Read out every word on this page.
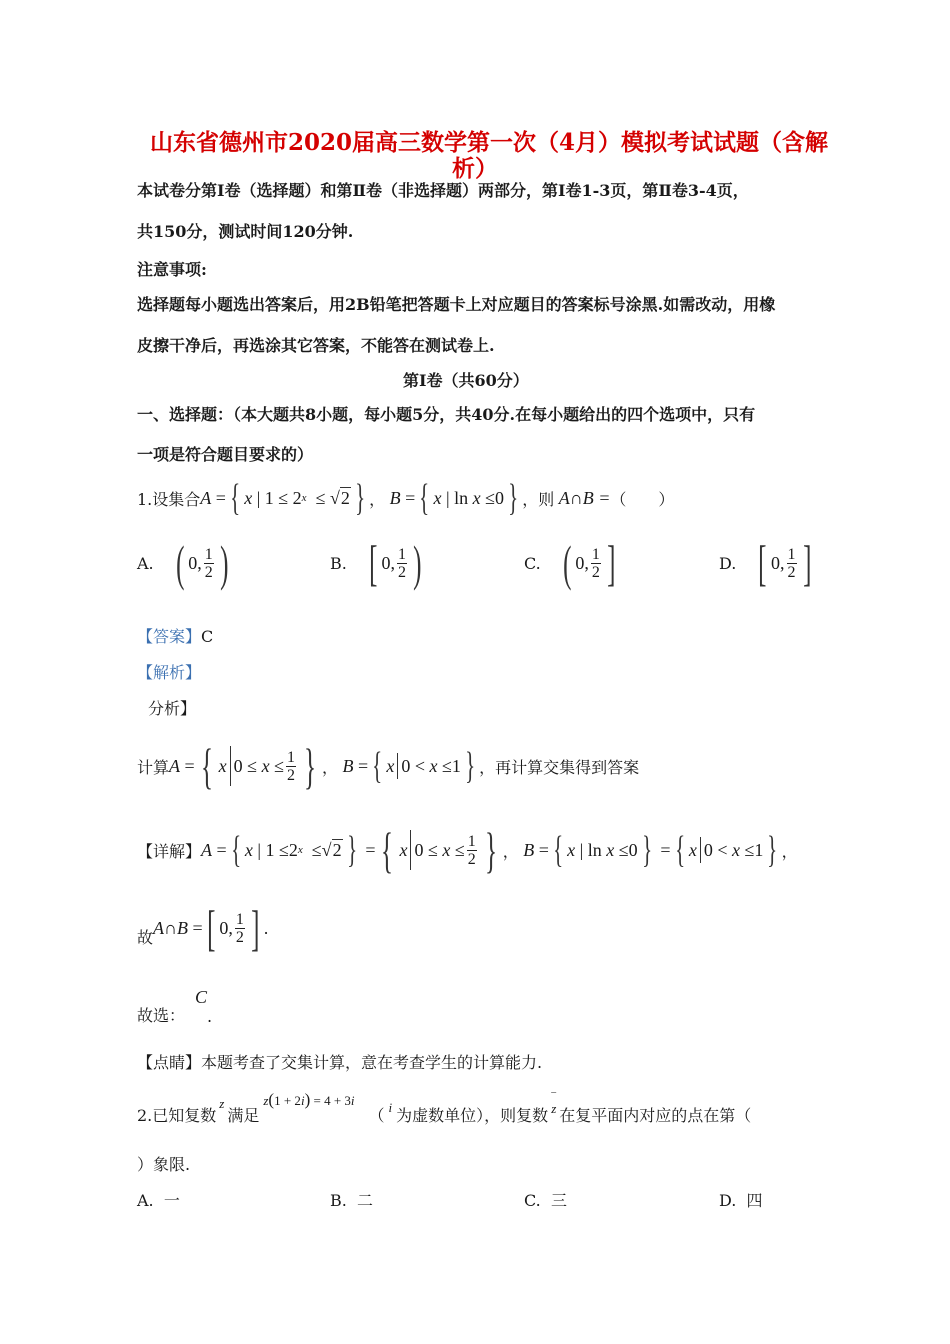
山东省德州市2020届高三数学第一次（4月）模拟考试试题（含解
析）
本试卷分第Ⅰ卷（选择题）和第Ⅱ卷（非选择题）两部分，第Ⅰ卷1-3页，第Ⅱ卷3-4页，
共150分，测试时间120分钟.
注意事项:
选择题每小题选出答案后，用2B铅笔把答题卡上对应题目的答案标号涂黑.如需改动，用橡
皮擦干净后，再选涂其它答案，不能答在测试卷上.
第Ⅰ卷（共60分）
一、选择题：（本大题共8小题，每小题5分，共40分.在每小题给出的四个选项中，只有
一项是符合题目要求的）
1.设集合 A = { x | 1 ≤ 2 x ≤ √ 2 } ， B = { x | ln x ≤0 } ，则 A∩B = （　　）
A. ( 0, $\frac{1}{2}$ )	B. [ 0, $\frac{1}{2}$ )	C. ( 0, $\frac{1}{2}$ ]	D. [ 0, $\frac{1}{2}$ ]
【答案】C
【解析】
分析】
计算 A = { x $0 \le x \le \frac{1}{2}$ } ， B = { x 0 < x ≤1 } ，再计算交集得到答案
【详解】 A = { x | 1 ≤2 x ≤√ 2 } = { x $0 \le x \le \frac{1}{2}$ } ， B = { x | ln x ≤0 } = { x 0 < x ≤1 } ，
故 A ∩ B = [ 0, $\frac{1}{2}$ ] .
故选：
C
.
【点睛】本题考查了交集计算，意在考查学生的计算能力.
2.已知复数
z
满足
z(1 + 2i) = 4 + 3i
（ i 为虚数单位），则复数
‾
z 在复平面内对应的点在第（
）象限.
A. 一	B. 二	C. 三	D. 四
